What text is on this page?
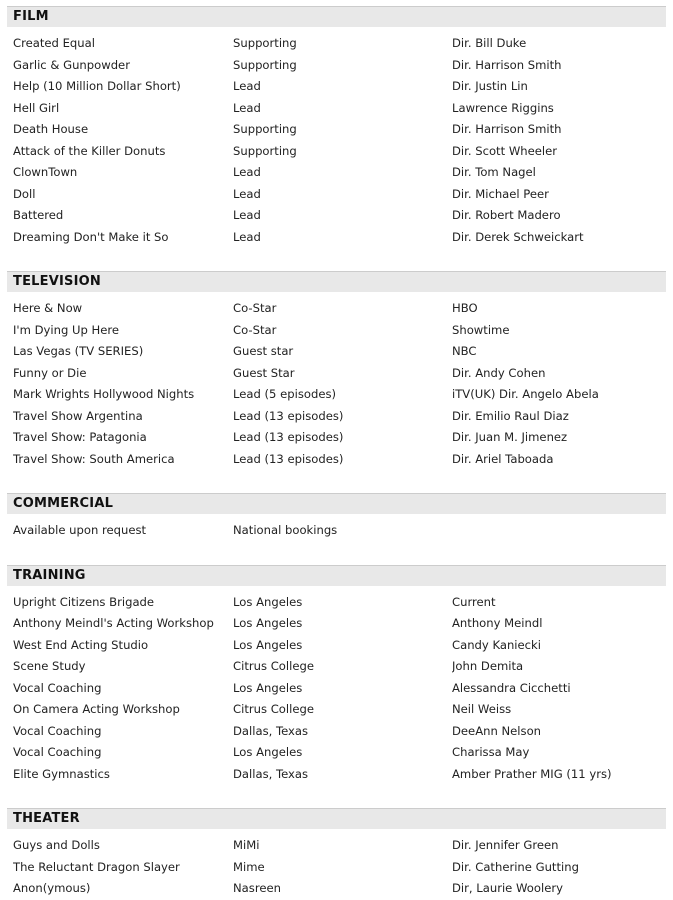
FILM
Created Equal	Supporting	Dir. Bill Duke
Garlic & Gunpowder	Supporting	Dir. Harrison Smith
Help (10 Million Dollar Short)	Lead	Dir. Justin Lin
Hell Girl	Lead	Lawrence Riggins
Death House	Supporting	Dir. Harrison Smith
Attack of the Killer Donuts	Supporting	Dir. Scott Wheeler
ClownTown	Lead	Dir. Tom Nagel
Doll	Lead	Dir. Michael Peer
Battered	Lead	Dir. Robert Madero
Dreaming Don't Make it So	Lead	Dir. Derek Schweickart
TELEVISION
Here & Now	Co-Star	HBO
I'm Dying Up Here	Co-Star	Showtime
Las Vegas (TV SERIES)	Guest star	NBC
Funny or Die	Guest Star	Dir. Andy Cohen
Mark Wrights Hollywood Nights	Lead (5 episodes)	iTV(UK) Dir. Angelo Abela
Travel Show Argentina	Lead (13 episodes)	Dir. Emilio Raul Diaz
Travel Show: Patagonia	Lead (13 episodes)	Dir. Juan M. Jimenez
Travel Show: South America	Lead (13 episodes)	Dir. Ariel Taboada
COMMERCIAL
Available upon request	National bookings
TRAINING
Upright Citizens Brigade	Los Angeles	Current
Anthony Meindl's Acting Workshop	Los Angeles	Anthony Meindl
West End Acting Studio	Los Angeles	Candy Kaniecki
Scene Study	Citrus College	John Demita
Vocal Coaching	Los Angeles	Alessandra Cicchetti
On Camera Acting Workshop	Citrus College	Neil Weiss
Vocal Coaching	Dallas, Texas	DeeAnn Nelson
Vocal Coaching	Los Angeles	Charissa May
Elite Gymnastics	Dallas, Texas	Amber Prather MIG (11 yrs)
THEATER
Guys and Dolls	MiMi	Dir. Jennifer Green
The Reluctant Dragon Slayer	Mime	Dir. Catherine Gutting
Anon(ymous)	Nasreen	Dir, Laurie Woolery
